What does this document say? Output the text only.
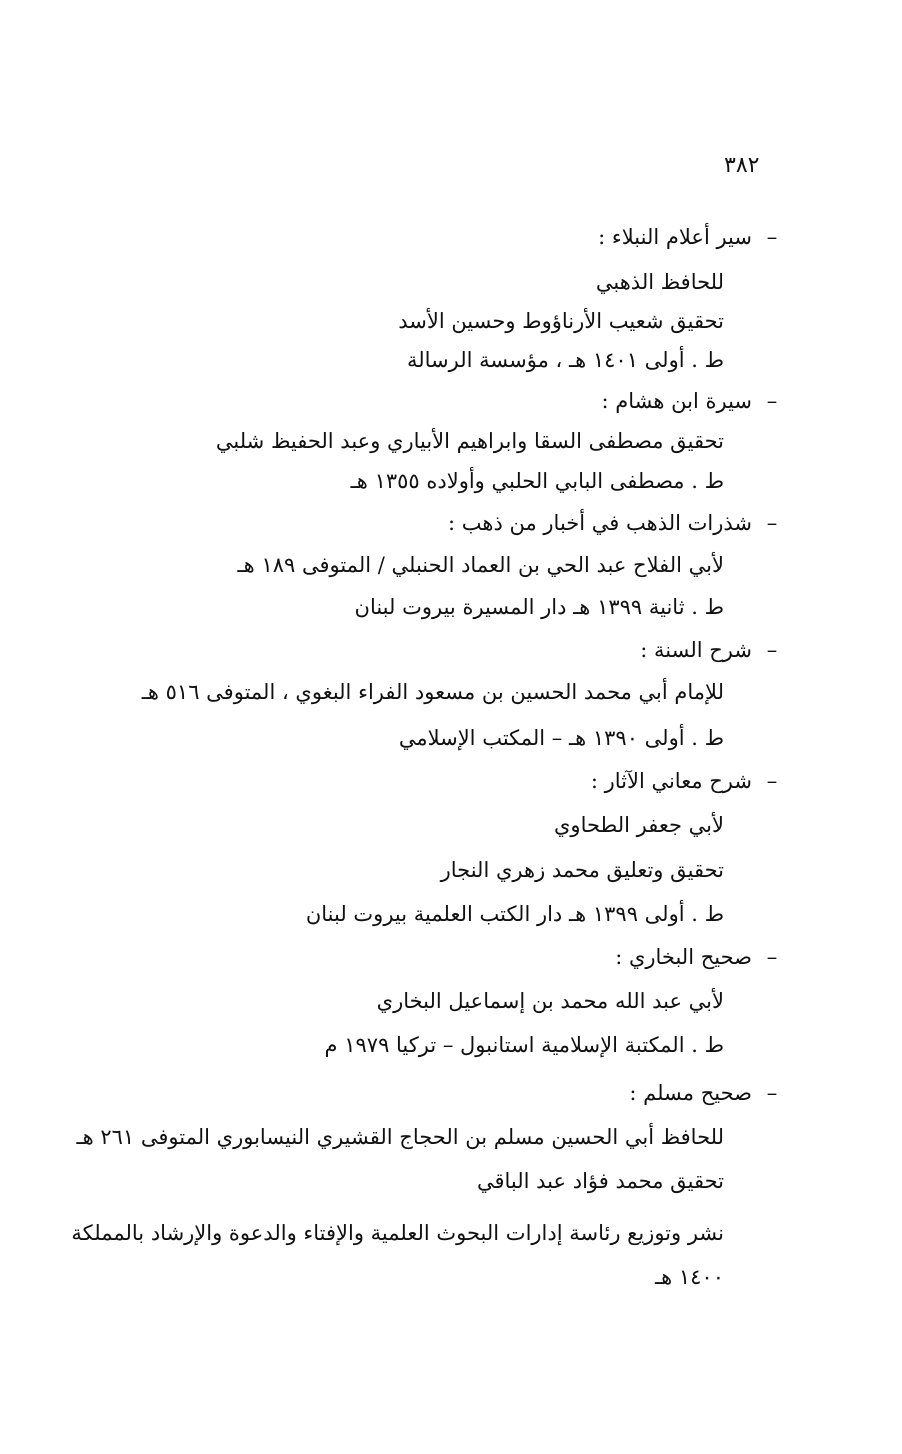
٣٨٢
–سير أعلام النبلاء :
للحافظ الذهبي
تحقيق شعيب الأرناؤوط وحسين الأسد
ط . أولى ١٤٠١ هـ ، مؤسسة الرسالة
–سيرة ابن هشام :
تحقيق مصطفى السقا وابراهيم الأبياري وعبد الحفيظ شلبي
ط . مصطفى البابي الحلبي وأولاده ١٣٥٥ هـ
–شذرات الذهب في أخبار من ذهب :
لأبي الفلاح عبد الحي بن العماد الحنبلي / المتوفى ١٨٩ هـ
ط . ثانية ١٣٩٩ هـ دار المسيرة بيروت لبنان
–شرح السنة :
للإمام أبي محمد الحسين بن مسعود الفراء البغوي ، المتوفى ٥١٦ هـ
ط . أولى ١٣٩٠ هـ – المكتب الإسلامي
–شرح معاني الآثار :
لأبي جعفر الطحاوي
تحقيق وتعليق محمد زهري النجار
ط . أولى ١٣٩٩ هـ دار الكتب العلمية بيروت لبنان
–صحيح البخاري :
لأبي عبد الله محمد بن إسماعيل البخاري
ط . المكتبة الإسلامية استانبول – تركيا ١٩٧٩ م
–صحيح مسلم :
للحافظ أبي الحسين مسلم بن الحجاج القشيري النيسابوري المتوفى ٢٦١ هـ
تحقيق محمد فؤاد عبد الباقي
نشر وتوزيع رئاسة إدارات البحوث العلمية والإفتاء والدعوة والإرشاد بالمملكة
١٤٠٠ هـ
